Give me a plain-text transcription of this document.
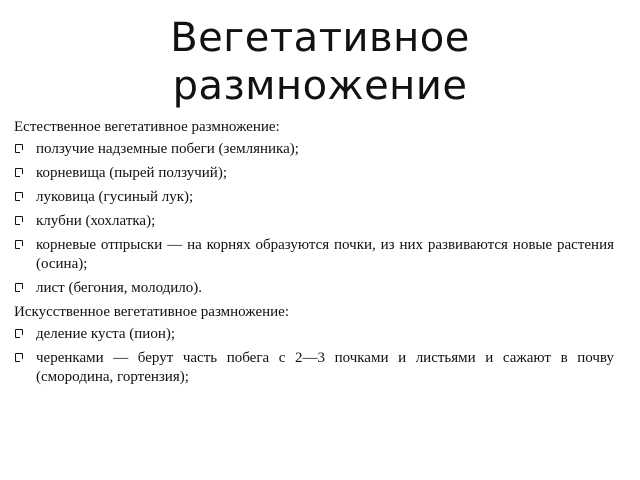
Вегетативное
размножение
Естественное вегетативное размножение:
ползучие надземные побеги (земляника);
корневища (пырей ползучий);
луковица (гусиный лук);
клубни (хохлатка);
корневые отпрыски — на корнях образуются почки, из них развиваются новые растения (осина);
лист (бегония, молодило).
Искусственное вегетативное размножение:
деление куста (пион);
черенками — берут часть побега с 2—3 почками и листьями и сажают в почву (смородина, гортензия);
